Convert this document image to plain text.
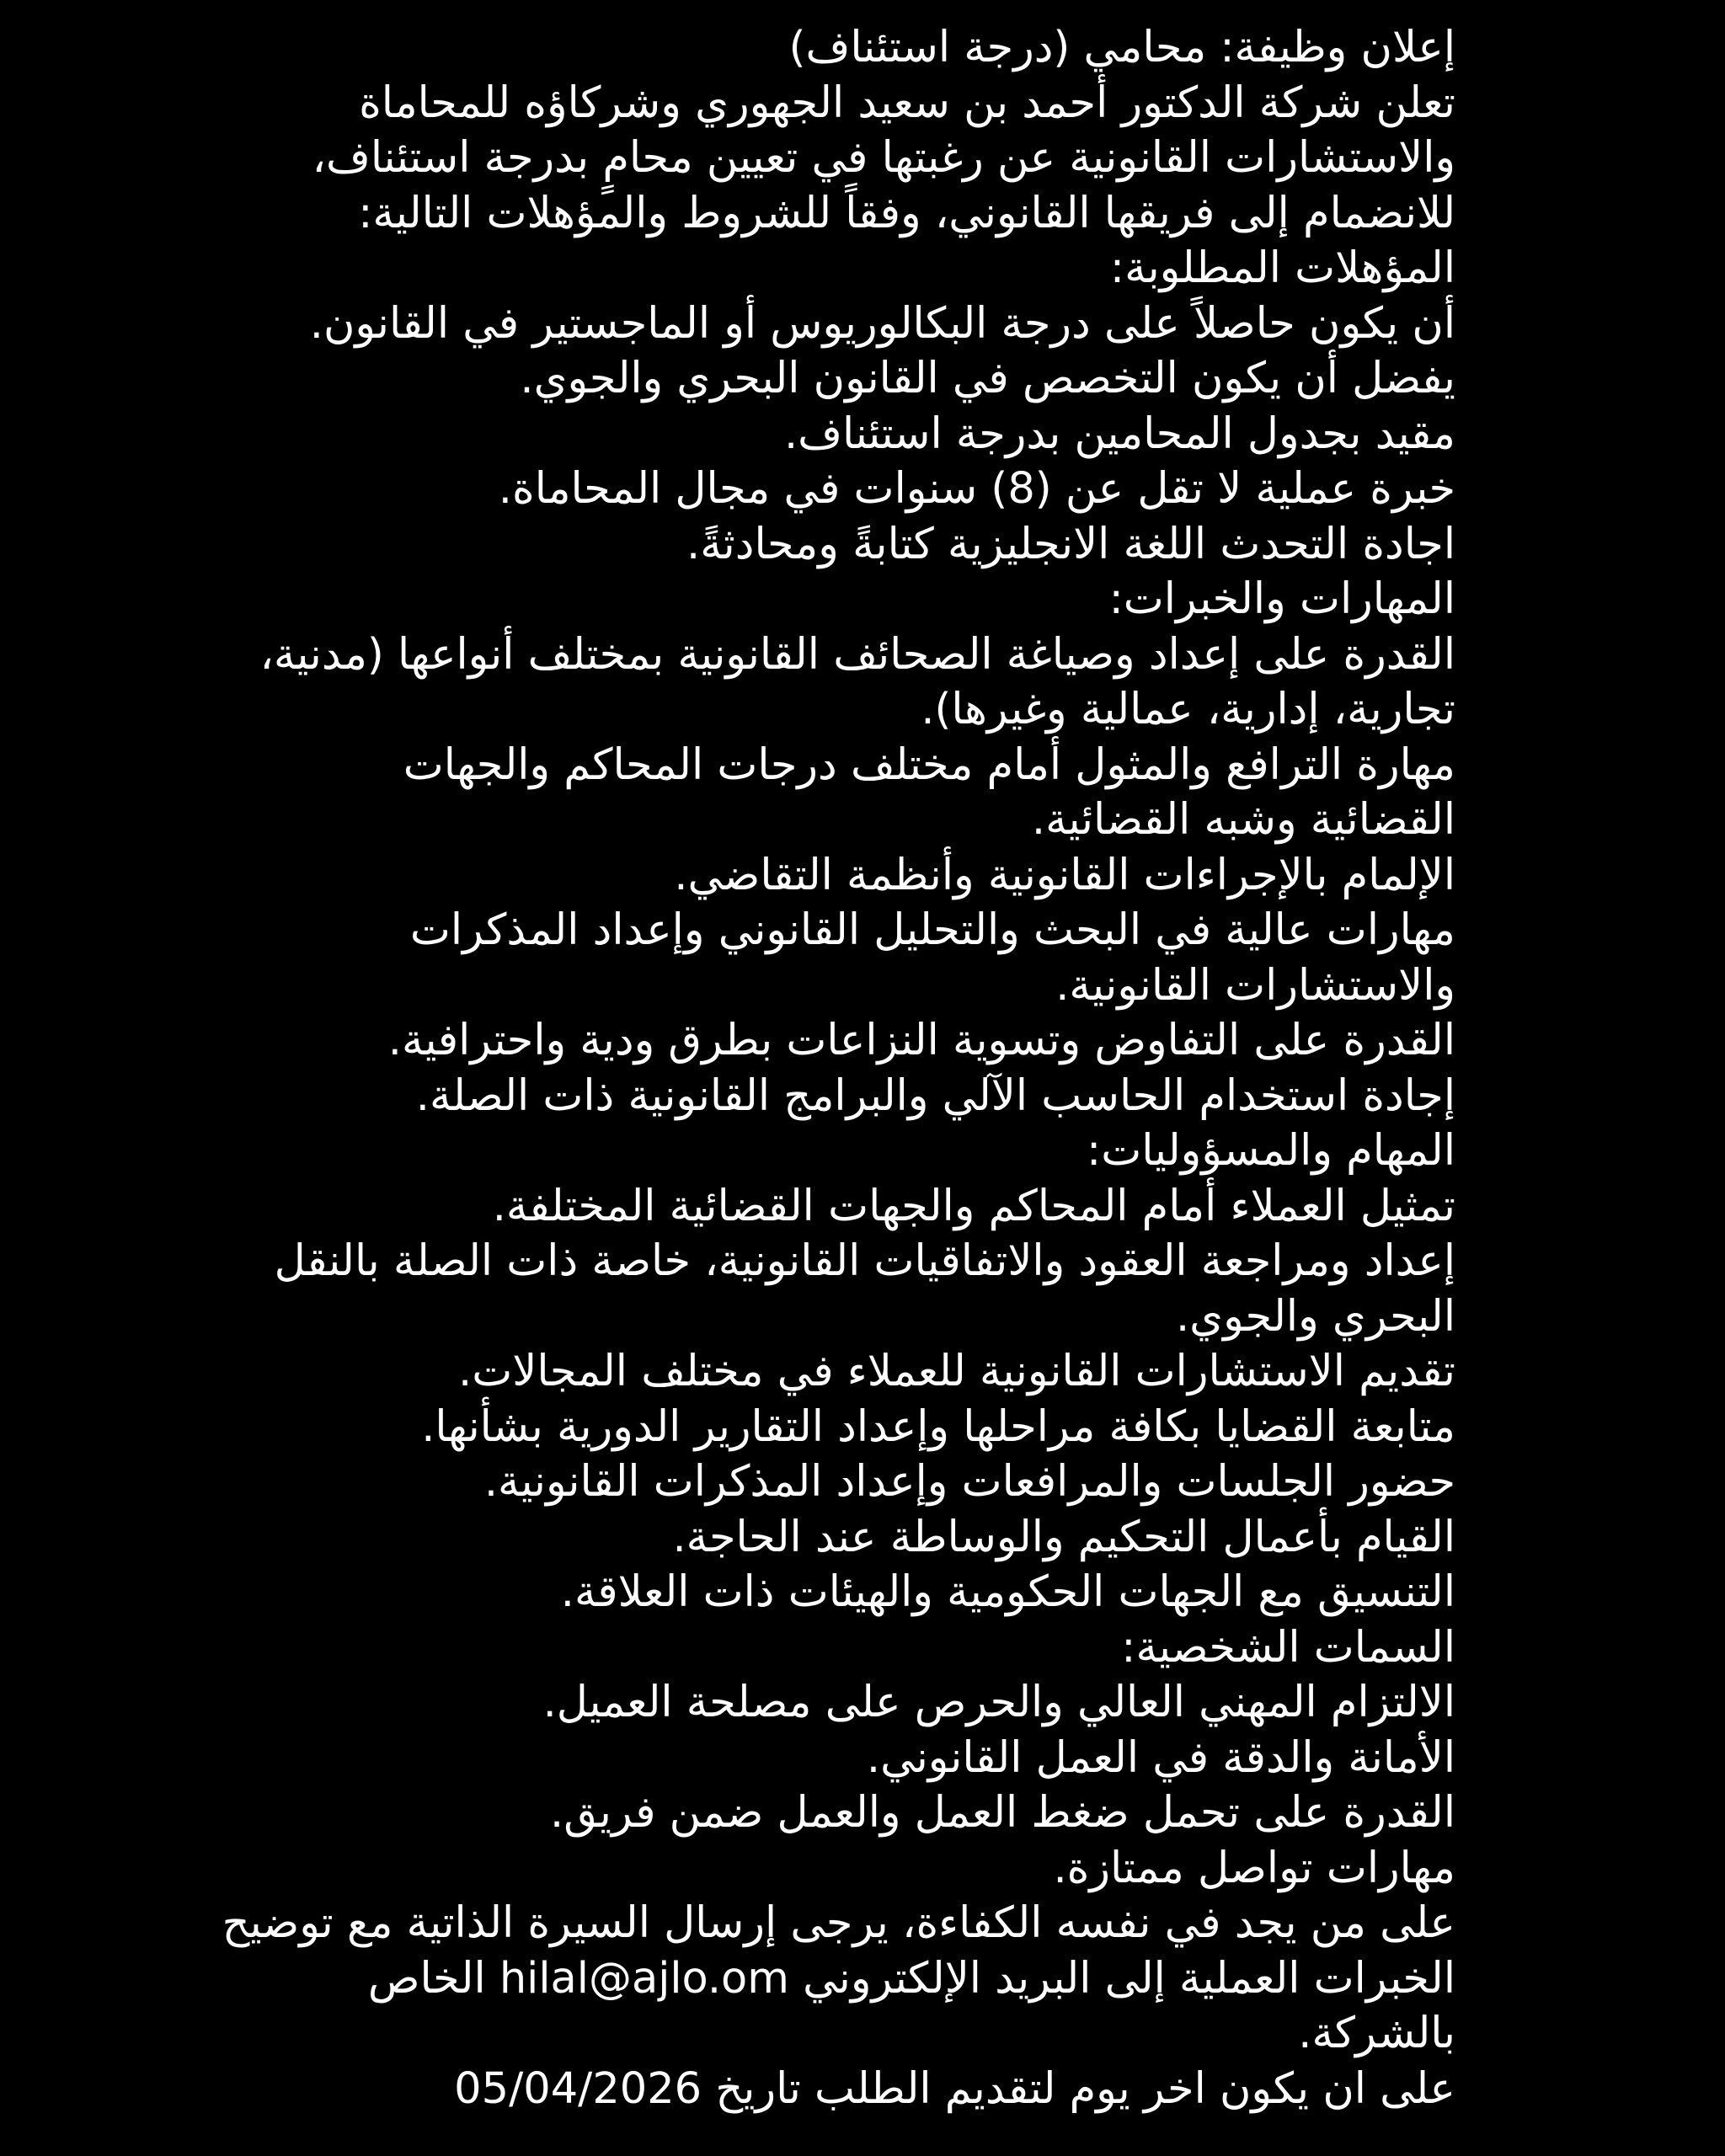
إعلان وظيفة: محامي (درجة استئناف)
تعلن شركة الدكتور أحمد بن سعيد الجهوري وشركاؤه للمحاماة
والاستشارات القانونية عن رغبتها في تعيين محامٍ بدرجة استئناف،
للانضمام إلى فريقها القانوني، وفقاً للشروط والمؤهلات التالية:
المؤهلات المطلوبة:
أن يكون حاصلاً على درجة البكالوريوس أو الماجستير في القانون.
يفضل أن يكون التخصص في القانون البحري والجوي.
مقيد بجدول المحامين بدرجة استئناف.
خبرة عملية لا تقل عن (8) سنوات في مجال المحاماة.
اجادة التحدث اللغة الانجليزية كتابةً ومحادثةً.
المهارات والخبرات:
القدرة على إعداد وصياغة الصحائف القانونية بمختلف أنواعها (مدنية،
تجارية، إدارية، عمالية وغيرها).
مهارة الترافع والمثول أمام مختلف درجات المحاكم والجهات
القضائية وشبه القضائية.
الإلمام بالإجراءات القانونية وأنظمة التقاضي.
مهارات عالية في البحث والتحليل القانوني وإعداد المذكرات
والاستشارات القانونية.
القدرة على التفاوض وتسوية النزاعات بطرق ودية واحترافية.
إجادة استخدام الحاسب الآلي والبرامج القانونية ذات الصلة.
المهام والمسؤوليات:
تمثيل العملاء أمام المحاكم والجهات القضائية المختلفة.
إعداد ومراجعة العقود والاتفاقيات القانونية، خاصة ذات الصلة بالنقل
البحري والجوي.
تقديم الاستشارات القانونية للعملاء في مختلف المجالات.
متابعة القضايا بكافة مراحلها وإعداد التقارير الدورية بشأنها.
حضور الجلسات والمرافعات وإعداد المذكرات القانونية.
القيام بأعمال التحكيم والوساطة عند الحاجة.
التنسيق مع الجهات الحكومية والهيئات ذات العلاقة.
السمات الشخصية:
الالتزام المهني العالي والحرص على مصلحة العميل.
الأمانة والدقة في العمل القانوني.
القدرة على تحمل ضغط العمل والعمل ضمن فريق.
مهارات تواصل ممتازة.
على من يجد في نفسه الكفاءة، يرجى إرسال السيرة الذاتية مع توضيح
الخبرات العملية إلى البريد الإلكتروني hilal@ajlo.om الخاص
بالشركة.
على ان يكون اخر يوم لتقديم الطلب تاريخ 05/04/2026
